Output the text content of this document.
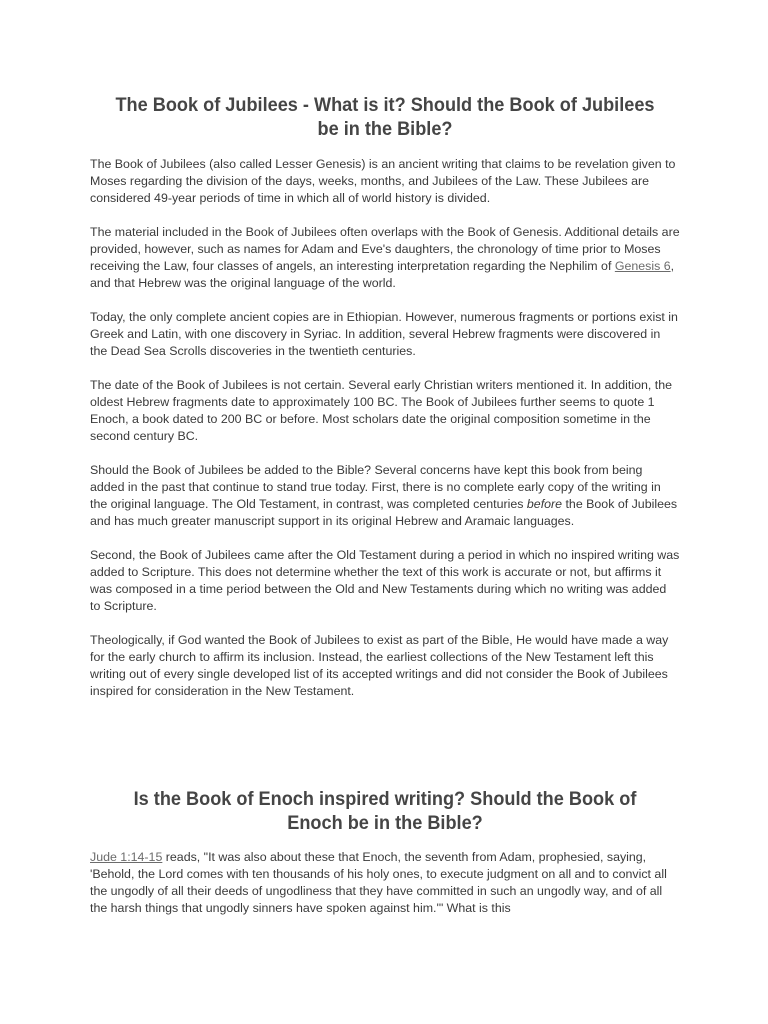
The Book of Jubilees - What is it? Should the Book of Jubilees be in the Bible?

The Book of Jubilees (also called Lesser Genesis) is an ancient writing that claims to be revelation given to Moses regarding the division of the days, weeks, months, and Jubilees of the Law. These Jubilees are considered 49-year periods of time in which all of world history is divided.

The material included in the Book of Jubilees often overlaps with the Book of Genesis. Additional details are provided, however, such as names for Adam and Eve's daughters, the chronology of time prior to Moses receiving the Law, four classes of angels, an interesting interpretation regarding the Nephilim of Genesis 6, and that Hebrew was the original language of the world.

Today, the only complete ancient copies are in Ethiopian. However, numerous fragments or portions exist in Greek and Latin, with one discovery in Syriac. In addition, several Hebrew fragments were discovered in the Dead Sea Scrolls discoveries in the twentieth centuries.

The date of the Book of Jubilees is not certain. Several early Christian writers mentioned it. In addition, the oldest Hebrew fragments date to approximately 100 BC. The Book of Jubilees further seems to quote 1 Enoch, a book dated to 200 BC or before. Most scholars date the original composition sometime in the second century BC.

Should the Book of Jubilees be added to the Bible? Several concerns have kept this book from being added in the past that continue to stand true today. First, there is no complete early copy of the writing in the original language. The Old Testament, in contrast, was completed centuries before the Book of Jubilees and has much greater manuscript support in its original Hebrew and Aramaic languages.

Second, the Book of Jubilees came after the Old Testament during a period in which no inspired writing was added to Scripture. This does not determine whether the text of this work is accurate or not, but affirms it was composed in a time period between the Old and New Testaments during which no writing was added to Scripture.

Theologically, if God wanted the Book of Jubilees to exist as part of the Bible, He would have made a way for the early church to affirm its inclusion. Instead, the earliest collections of the New Testament left this writing out of every single developed list of its accepted writings and did not consider the Book of Jubilees inspired for consideration in the New Testament.

Is the Book of Enoch inspired writing? Should the Book of Enoch be in the Bible?

Jude 1:14-15 reads, "It was also about these that Enoch, the seventh from Adam, prophesied, saying, 'Behold, the Lord comes with ten thousands of his holy ones, to execute judgment on all and to convict all the ungodly of all their deeds of ungodliness that they have committed in such an ungodly way, and of all the harsh things that ungodly sinners have spoken against him.'" What is this
